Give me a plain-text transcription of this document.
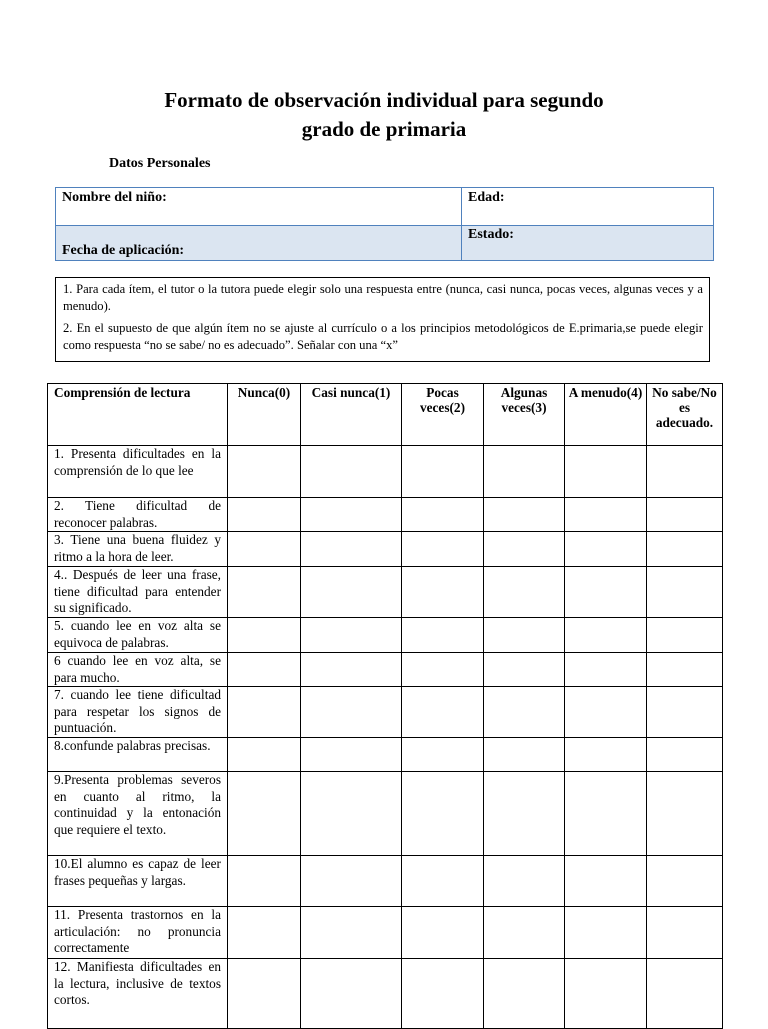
Formato de observación individual para segundo
grado de primaria
Datos Personales
Nombre del niño:	Edad:
Fecha de aplicación:	Estado:

1. Para cada ítem, el tutor o la tutora puede elegir solo una respuesta entre (nunca, casi nunca, pocas veces, algunas veces y a menudo).

2. En el supuesto de que algún ítem no se ajuste al currículo o a los principios metodológicos de E.primaria,se puede elegir como respuesta “no se sabe/ no es adecuado”. Señalar con una “x”

Comprensión de lectura	Nunca(0)	Casi nunca(1)	Pocas veces(2)	Algunas veces(3)	A menudo(4)	No sabe/No es adecuado.
1. Presenta dificultades en la comprensión de lo que lee						
2. Tiene dificultad de reconocer palabras.						
3. Tiene una buena fluidez y ritmo a la hora de leer.						
4.. Después de leer una frase, tiene dificultad para entender su significado.						
5. cuando lee en voz alta se equivoca de palabras.						
6 cuando lee en voz alta, se para mucho.						
7. cuando lee tiene dificultad para respetar los signos de puntuación.						
8.confunde palabras precisas.						
9.Presenta problemas severos en cuanto al ritmo, la continuidad y la entonación que requiere el texto.						
10.El alumno es capaz de leer frases pequeñas y largas.						
11. Presenta trastornos en la articulación: no pronuncia correctamente						
12. Manifiesta dificultades en la lectura, inclusive de textos cortos.						
